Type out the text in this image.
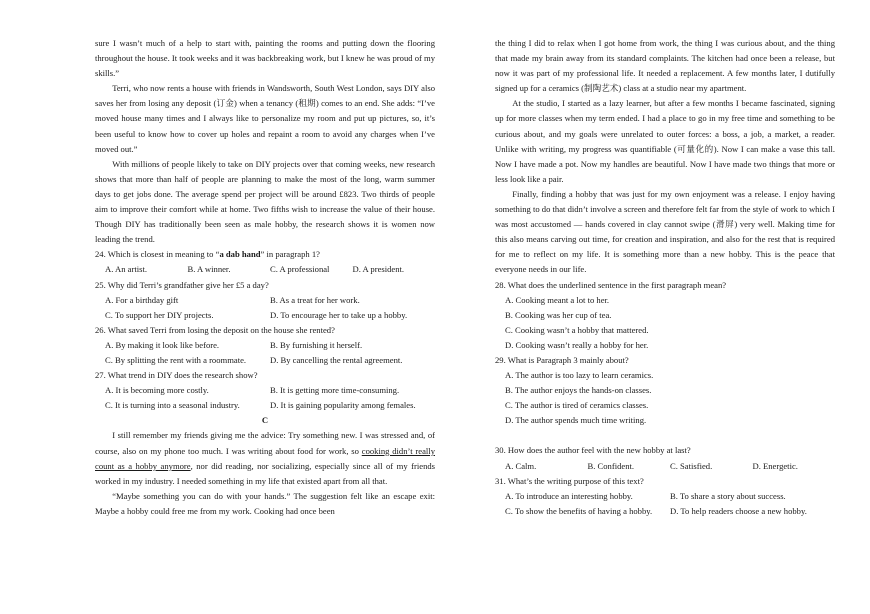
sure I wasn’t much of a help to start with, painting the rooms and putting down the flooring throughout the house. It took weeks and it was backbreaking work, but I knew he was proud of my skills.”

Terri, who now rents a house with friends in Wandsworth, South West London, says DIY also saves her from losing any deposit (订金) when a tenancy (租期) comes to an end. She adds: “I’ve moved house many times and I always like to personalize my room and put up pictures, so, it’s been useful to know how to cover up holes and repaint a room to avoid any charges when I’ve moved out.”

With millions of people likely to take on DIY projects over that coming weeks, new research shows that more than half of people are planning to make the most of the long, warm summer days to get jobs done. The average spend per project will be around £823. Two thirds of people aim to improve their comfort while at home. Two fifths wish to increase the value of their house. Though DIY has traditionally been seen as male hobby, the research shows it is women now leading the trend.

24. Which is closest in meaning to “a dab hand” in paragraph 1?

A. An artist.	B. A winner.	C. A professional	D. A president.

25. Why did Terri’s grandfather give her £5 a day?

A. For a birthday gift	B. As a treat for her work.
C. To support her DIY projects.	D. To encourage her to take up a hobby.

26. What saved Terri from losing the deposit on the house she rented?

A. By making it look like before.	B. By furnishing it herself.
C. By splitting the rent with a roommate.	D. By cancelling the rental agreement.

27. What trend in DIY does the research show?

A. It is becoming more costly.	B. It is getting more time-consuming.
C. It is turning into a seasonal industry.	D. It is gaining popularity among females.

C

I still remember my friends giving me the advice: Try something new. I was stressed and, of course, also on my phone too much. I was writing about food for work, so cooking didn’t really count as a hobby anymore, nor did reading, nor socializing, especially since all of my friends worked in my industry. I needed something in my life that existed apart from all that.

“Maybe something you can do with your hands.” The suggestion felt like an escape exit: Maybe a hobby could free me from my work. Cooking had once been

the thing I did to relax when I got home from work, the thing I was curious about, and the thing that made my brain away from its standard complaints. The kitchen had once been a release, but now it was part of my professional life. It needed a replacement. A few months later, I dutifully signed up for a ceramics (制陶艺术) class at a studio near my apartment.

At the studio, I started as a lazy learner, but after a few months I became fascinated, signing up for more classes when my term ended. I had a place to go in my free time and something to be curious about, and my goals were unrelated to outer forces: a boss, a job, a market, a reader. Unlike with writing, my progress was quantifiable (可量化的). Now I can make a vase this tall. Now I have made a pot. Now my handles are beautiful. Now I have made two things that more or less look like a pair.

Finally, finding a hobby that was just for my own enjoyment was a release. I enjoy having something to do that didn’t involve a screen and therefore felt far from the style of work to which I was most accustomed — hands covered in clay cannot swipe (滑屏) very well. Making time for this also means carving out time, for creation and inspiration, and also for the rest that is required for me to reflect on my life. It is something more than a new hobby. This is the peace that everyone needs in our life.

28. What does the underlined sentence in the first paragraph mean?

A. Cooking meant a lot to her.

B. Cooking was her cup of tea.

C. Cooking wasn’t a hobby that mattered.

D. Cooking wasn’t really a hobby for her.

29. What is Paragraph 3 mainly about?

A. The author is too lazy to learn ceramics.

B. The author enjoys the hands-on classes.

C. The author is tired of ceramics classes.

D. The author spends much time writing.

30. How does the author feel with the new hobby at last?

A. Calm.	B. Confident.	C. Satisfied.	D. Energetic.

31. What’s the writing purpose of this text?

A. To introduce an interesting hobby.	B. To share a story about success.
C. To show the benefits of having a hobby.	D. To help readers choose a new hobby.
